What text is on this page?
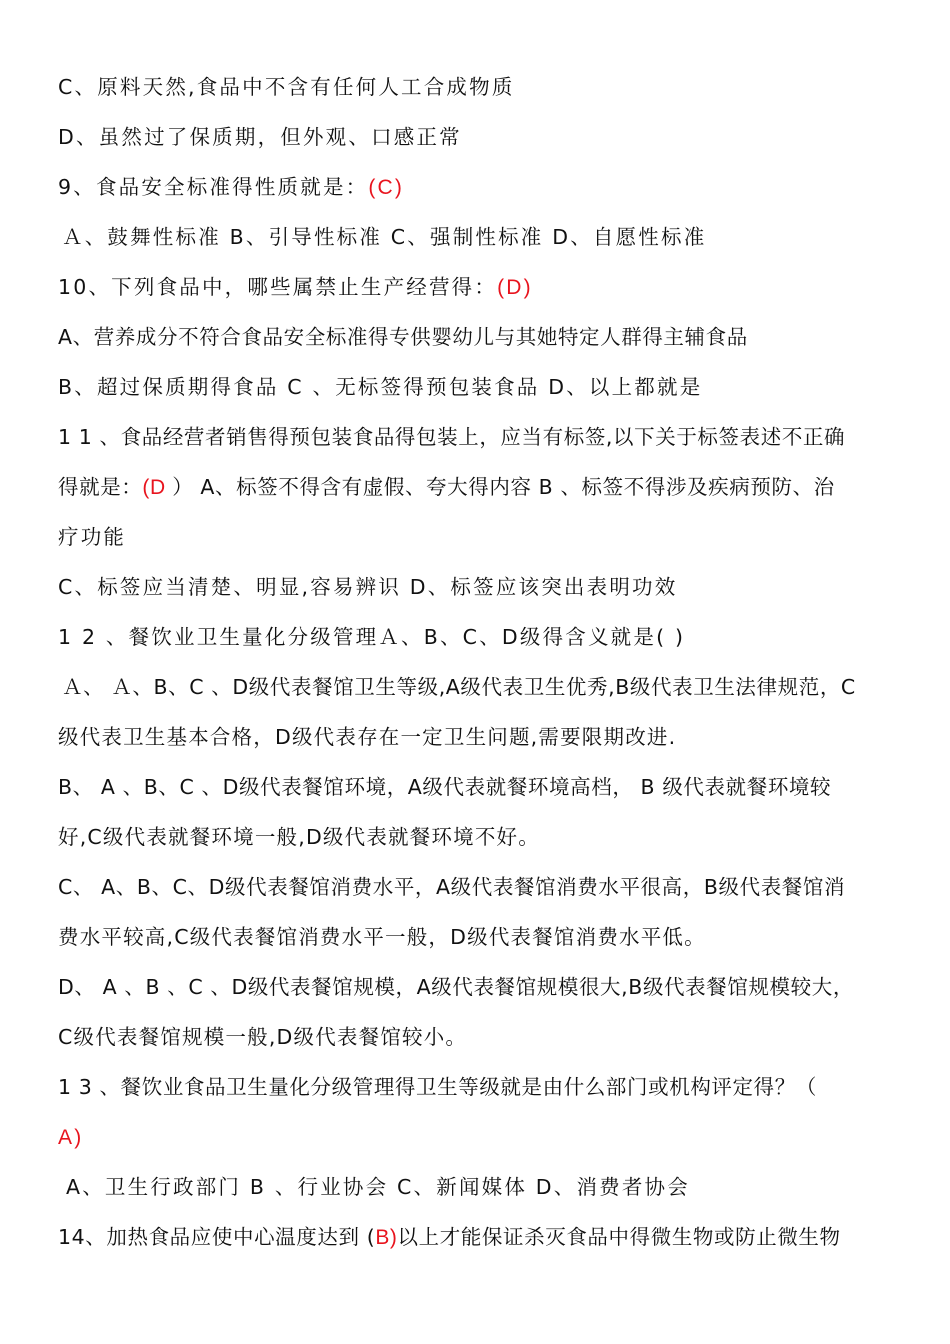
C、原料天然,食品中不含有任何人工合成物质
D、虽然过了保质期，但外观、口感正常
9、食品安全标准得性质就是：(C)
Ａ、鼓舞性标准 B、引导性标准 C、强制性标准 D、自愿性标准
10、下列食品中，哪些属禁止生产经营得：(D)
A、营养成分不符合食品安全标准得专供婴幼儿与其她特定人群得主辅食品
B、超过保质期得食品 C 、无标签得预包装食品 D、以上都就是
1 1 、食品经营者销售得预包装食品得包装上，应当有标签,以下关于标签表述不正确
得就是：(D ） A、标签不得含有虚假、夸大得内容 B 、标签不得涉及疾病预防、治
疗功能
C、标签应当清楚、明显,容易辨识 D、标签应该突出表明功效
1 2 、餐饮业卫生量化分级管理Ａ、B、C、D级得含义就是( )
Ａ、 Ａ、B、C 、D级代表餐馆卫生等级,A级代表卫生优秀,B级代表卫生法律规范，C
级代表卫生基本合格，D级代表存在一定卫生问题,需要限期改进.
B、 A 、B、C 、D级代表餐馆环境，A级代表就餐环境高档， B 级代表就餐环境较
好,C级代表就餐环境一般,D级代表就餐环境不好。
C、 A、B、C、D级代表餐馆消费水平，A级代表餐馆消费水平很高，B级代表餐馆消
费水平较高,C级代表餐馆消费水平一般，D级代表餐馆消费水平低。
D、 A 、B 、C 、D级代表餐馆规模，A级代表餐馆规模很大,B级代表餐馆规模较大，
C级代表餐馆规模一般,D级代表餐馆较小。
1 3 、餐饮业食品卫生量化分级管理得卫生等级就是由什么部门或机构评定得？（
A)
A、卫生行政部门 B 、行业协会 C、新闻媒体 D、消费者协会
14、加热食品应使中心温度达到 (B)以上才能保证杀灭食品中得微生物或防止微生物
